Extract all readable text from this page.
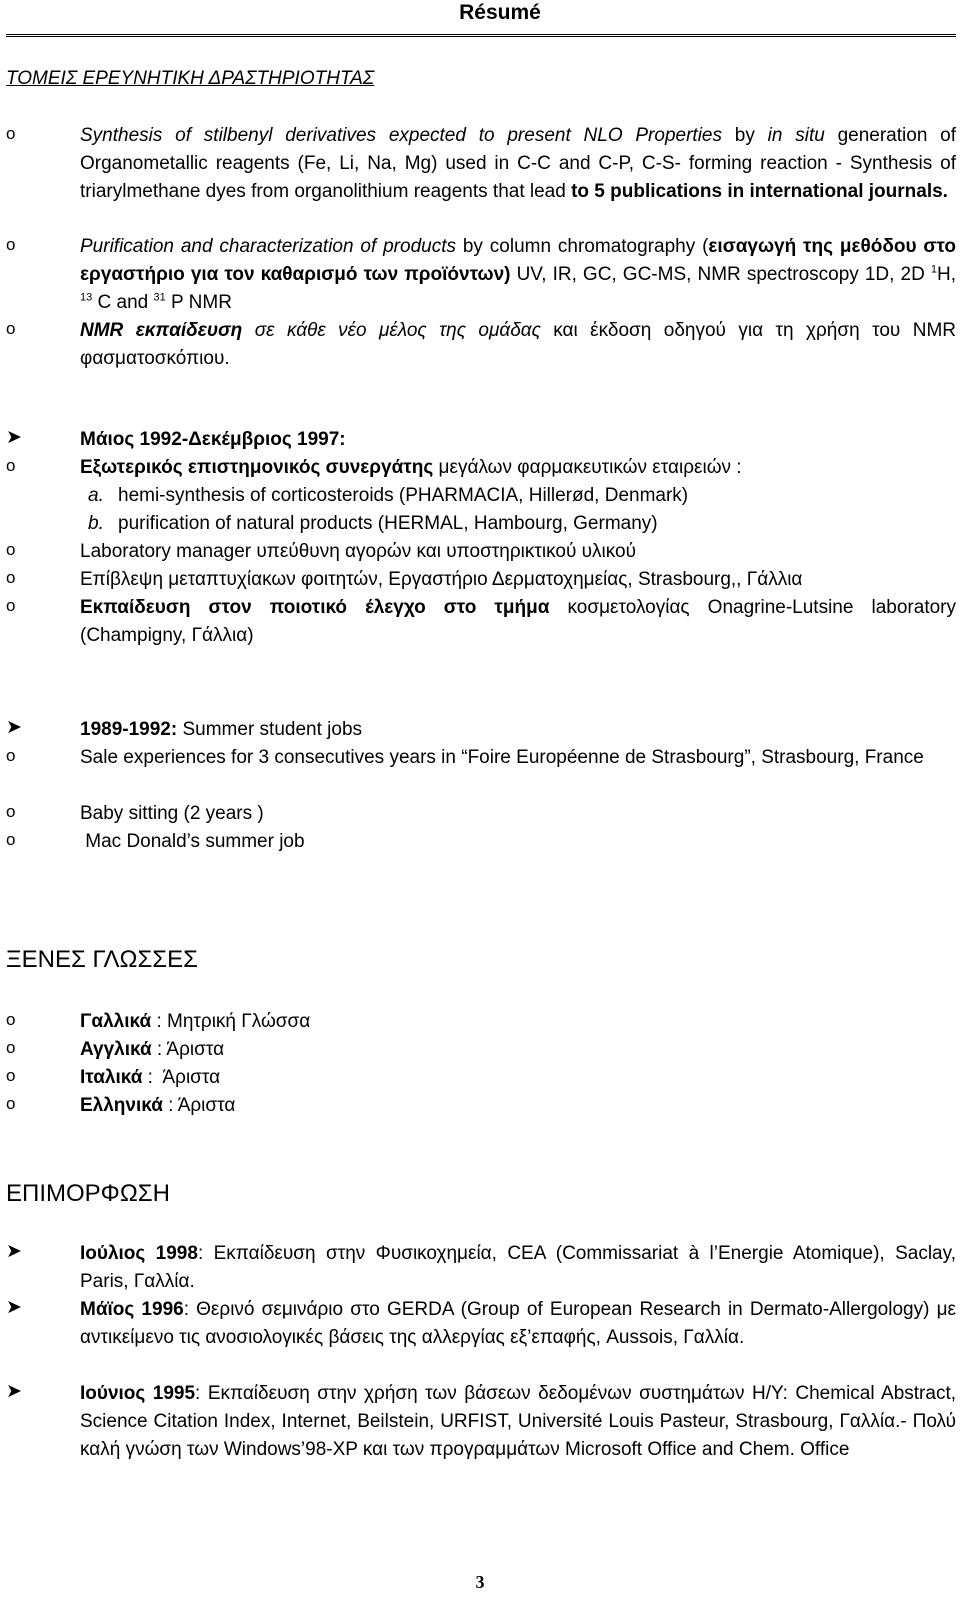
Résumé
ΤΟΜΕΙΣ ΕΡΕΥΝΗΤΙΚΗ ΔΡΑΣΤΗΡΙΟΤΗΤΑΣ
o	Synthesis of stilbenyl derivatives expected to present NLO Properties by in situ generation of Organometallic reagents (Fe, Li, Na, Mg) used in C-C and C-P, C-S- forming reaction - Synthesis of triarylmethane dyes from organolithium reagents that lead to 5 publications in international journals.
o	Purification and characterization of products by column chromatography (εισαγωγή της μεθόδου στο εργαστήριο για τον καθαρισμό των προϊόντων) UV, IR, GC, GC-MS, NMR spectroscopy 1D, 2D $^1$H, $^{13}$ C and $^{31}$ P NMR
o	NMR εκπαίδευση σε κάθε νέο μέλος της ομάδας και έκδοση οδηγού για τη χρήση του NMR φασματοσκόπιου.
➤	Μάιος 1992-Δεκέμβριος 1997:
o	Εξωτερικός επιστημονικός συνεργάτης μεγάλων φαρμακευτικών εταιρειών :
a. hemi-synthesis of corticosteroids (PHARMACIA, Hillerød, Denmark)
b. purification of natural products (HERMAL, Hambourg, Germany)
o	Laboratory manager υπεύθυνη αγορών και υποστηρικτικού υλικού
o	Επίβλεψη μεταπτυχίακων φοιτητών, Εργαστήριο Δερματοχημείας, Strasbourg,, Γάλλια
o	Εκπαίδευση στον ποιοτικό έλεγχο στο τμήμα κοσμετολογίας Onagrine-Lutsine laboratory (Champigny, Γάλλια)
➤	1989-1992: Summer student jobs
o	Sale experiences for 3 consecutives years in “Foire Européenne de Strasbourg”, Strasbourg, France
o	Baby sitting (2 years )
o	Mac Donald’s summer job
ΞΕΝΕΣ ΓΛΩΣΣΕΣ
o	Γαλλικά : Μητρική Γλώσσα
o	Αγγλικά : Άριστα
o	Ιταλικά :  Άριστα
o	Ελληνικά : Άριστα
ΕΠΙΜΟΡΦΩΣΗ
➤	Ιούλιος 1998: Εκπαίδευση στην Φυσικοχημεία, CEA (Commissariat à l’Energie Atomique), Saclay, Paris, Γαλλία.
➤	Μάϊος 1996: Θερινό σεμινάριο στο GERDA (Group of European Research in Dermato-Allergology) με αντικείμενο τις ανοσιολογικές βάσεις της αλλεργίας εξ’επαφής, Aussois, Γαλλία.
➤	Ιούνιος 1995: Εκπαίδευση στην χρήση των βάσεων δεδομένων συστημάτων Η/Υ: Chemical Abstract, Science Citation Index, Internet, Beilstein, URFIST, Université Louis Pasteur, Strasbourg, Γαλλία.- Πολύ καλή γνώση των Windows’98-XP και των προγραμμάτων Microsoft Office and Chem. Office
3
